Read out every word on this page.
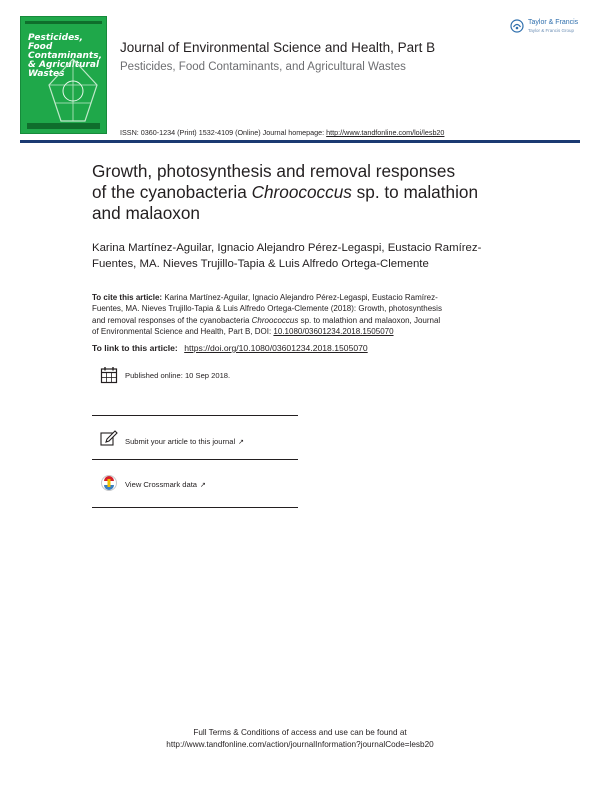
Pesticides,
Food Contaminants,
& Agricultural Wastes
Journal of Environmental Science and Health, Part B
Pesticides, Food Contaminants, and Agricultural Wastes
Taylor & Francis
Taylor & Francis Group
ISSN: 0360-1234 (Print) 1532-4109 (Online) Journal homepage: http://www.tandfonline.com/loi/lesb20
Growth, photosynthesis and removal responses
of the cyanobacteria Chroococcus sp. to malathion
and malaoxon
Karina Martínez-Aguilar, Ignacio Alejandro Pérez-Legaspi, Eustacio Ramírez-
Fuentes, MA. Nieves Trujillo-Tapia & Luis Alfredo Ortega-Clemente
To cite this article: Karina Martínez-Aguilar, Ignacio Alejandro Pérez-Legaspi, Eustacio Ramírez-
Fuentes, MA. Nieves Trujillo-Tapia & Luis Alfredo Ortega-Clemente (2018): Growth, photosynthesis
and removal responses of the cyanobacteria Chroococcus sp. to malathion and malaoxon, Journal
of Environmental Science and Health, Part B, DOI: 10.1080/03601234.2018.1505070
To link to this article: https://doi.org/10.1080/03601234.2018.1505070
Published online: 10 Sep 2018.
Submit your article to this journal ↗
View Crossmark data ↗
Full Terms & Conditions of access and use can be found at
http://www.tandfonline.com/action/journalInformation?journalCode=lesb20
